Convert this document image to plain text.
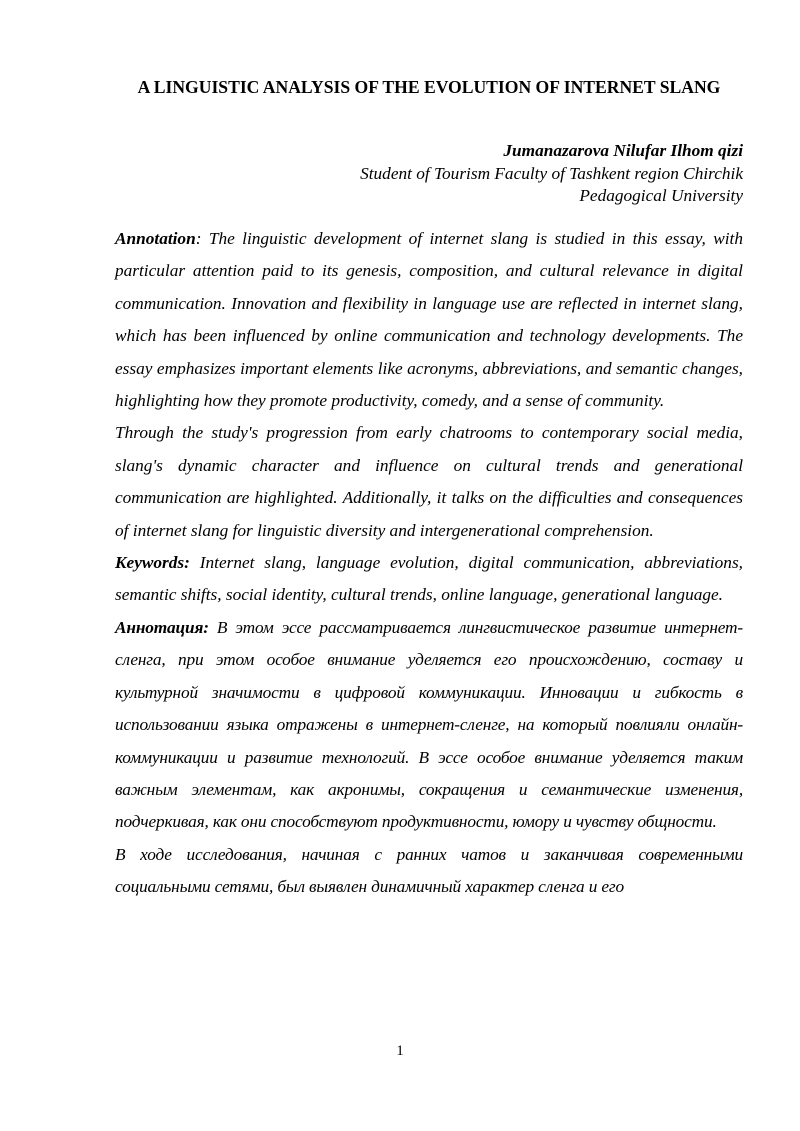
A LINGUISTIC ANALYSIS OF THE EVOLUTION OF INTERNET SLANG
Jumanazarova Nilufar Ilhom qizi
Student of Tourism Faculty of Tashkent region Chirchik
Pedagogical University

Annotation: The linguistic development of internet slang is studied in this essay, with particular attention paid to its genesis, composition, and cultural relevance in digital communication. Innovation and flexibility in language use are reflected in internet slang, which has been influenced by online communication and technology developments. The essay emphasizes important elements like acronyms, abbreviations, and semantic changes, highlighting how they promote productivity, comedy, and a sense of community.

Through the study's progression from early chatrooms to contemporary social media, slang's dynamic character and influence on cultural trends and generational communication are highlighted. Additionally, it talks on the difficulties and consequences of internet slang for linguistic diversity and intergenerational comprehension.

Keywords: Internet slang, language evolution, digital communication, abbreviations, semantic shifts, social identity, cultural trends, online language, generational language.

Аннотация: В этом эссе рассматривается лингвистическое развитие интернет-сленга, при этом особое внимание уделяется его происхождению, составу и культурной значимости в цифровой коммуникации. Инновации и гибкость в использовании языка отражены в интернет-сленге, на который повлияли онлайн-коммуникации и развитие технологий. В эссе особое внимание уделяется таким важным элементам, как акронимы, сокращения и семантические изменения, подчеркивая, как они способствуют продуктивности, юмору и чувству общности.

В ходе исследования, начиная с ранних чатов и заканчивая современными социальными сетями, был выявлен динамичный характер сленга и его

1
